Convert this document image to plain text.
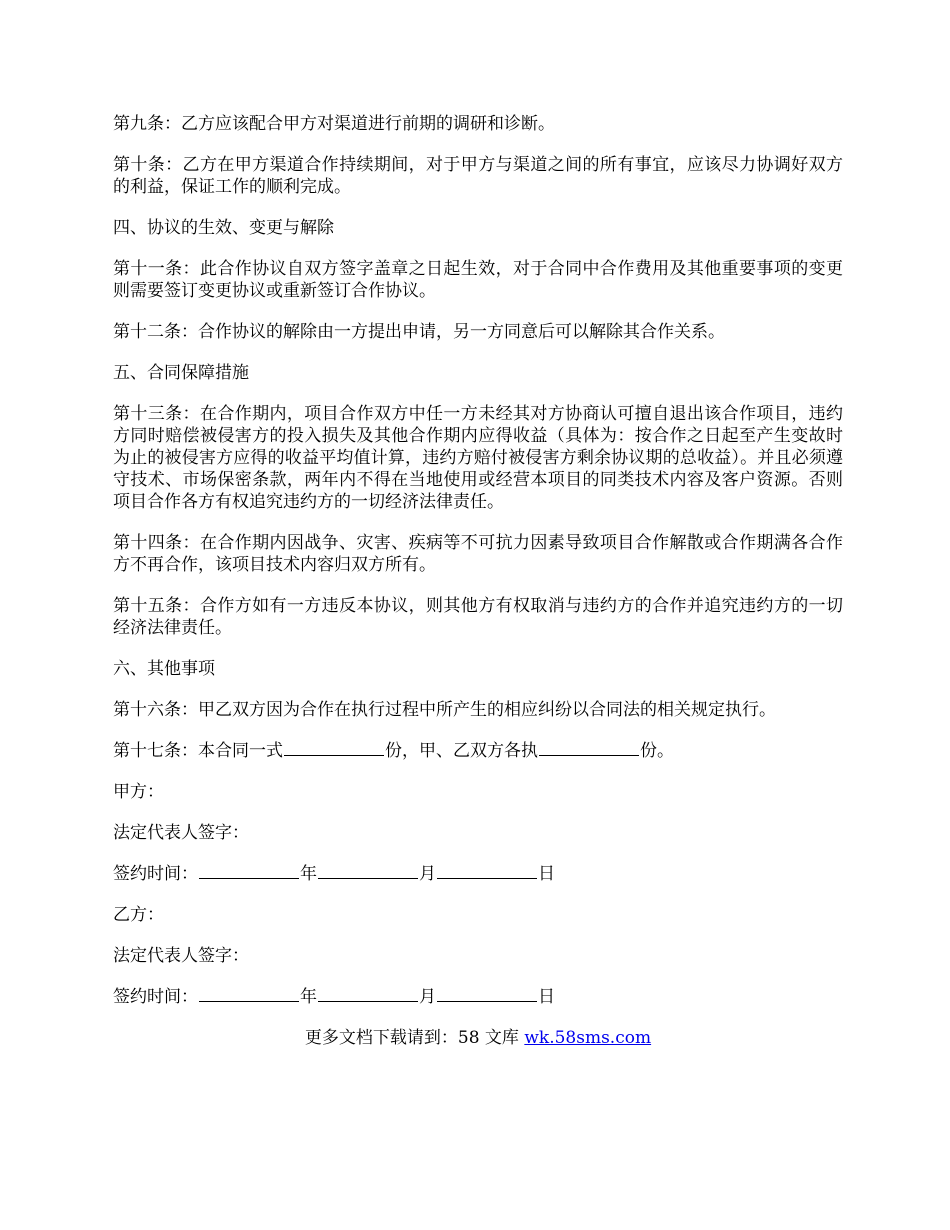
第九条：乙方应该配合甲方对渠道进行前期的调研和诊断。

第十条：乙方在甲方渠道合作持续期间，对于甲方与渠道之间的所有事宜，应该尽力协调好双方的利益，保证工作的顺利完成。

四、协议的生效、变更与解除

第十一条：此合作协议自双方签字盖章之日起生效，对于合同中合作费用及其他重要事项的变更则需要签订变更协议或重新签订合作协议。

第十二条：合作协议的解除由一方提出申请，另一方同意后可以解除其合作关系。

五、合同保障措施

第十三条：在合作期内，项目合作双方中任一方未经其对方协商认可擅自退出该合作项目，违约方同时赔偿被侵害方的投入损失及其他合作期内应得收益（具体为：按合作之日起至产生变故时为止的被侵害方应得的收益平均值计算，违约方赔付被侵害方剩余协议期的总收益）。并且必须遵守技术、市场保密条款，两年内不得在当地使用或经营本项目的同类技术内容及客户资源。否则项目合作各方有权追究违约方的一切经济法律责任。

第十四条：在合作期内因战争、灾害、疾病等不可抗力因素导致项目合作解散或合作期满各合作方不再合作，该项目技术内容归双方所有。

第十五条：合作方如有一方违反本协议，则其他方有权取消与违约方的合作并追究违约方的一切经济法律责任。

六、其他事项

第十六条：甲乙双方因为合作在执行过程中所产生的相应纠纷以合同法的相关规定执行。

第十七条：本合同一式	份，甲、乙双方各执	份。

甲方：

法定代表人签字：

签约时间：	年	月	日

乙方：

法定代表人签字：

签约时间：	年	月	日

更多文档下载请到：58 文库 wk.58sms.com
